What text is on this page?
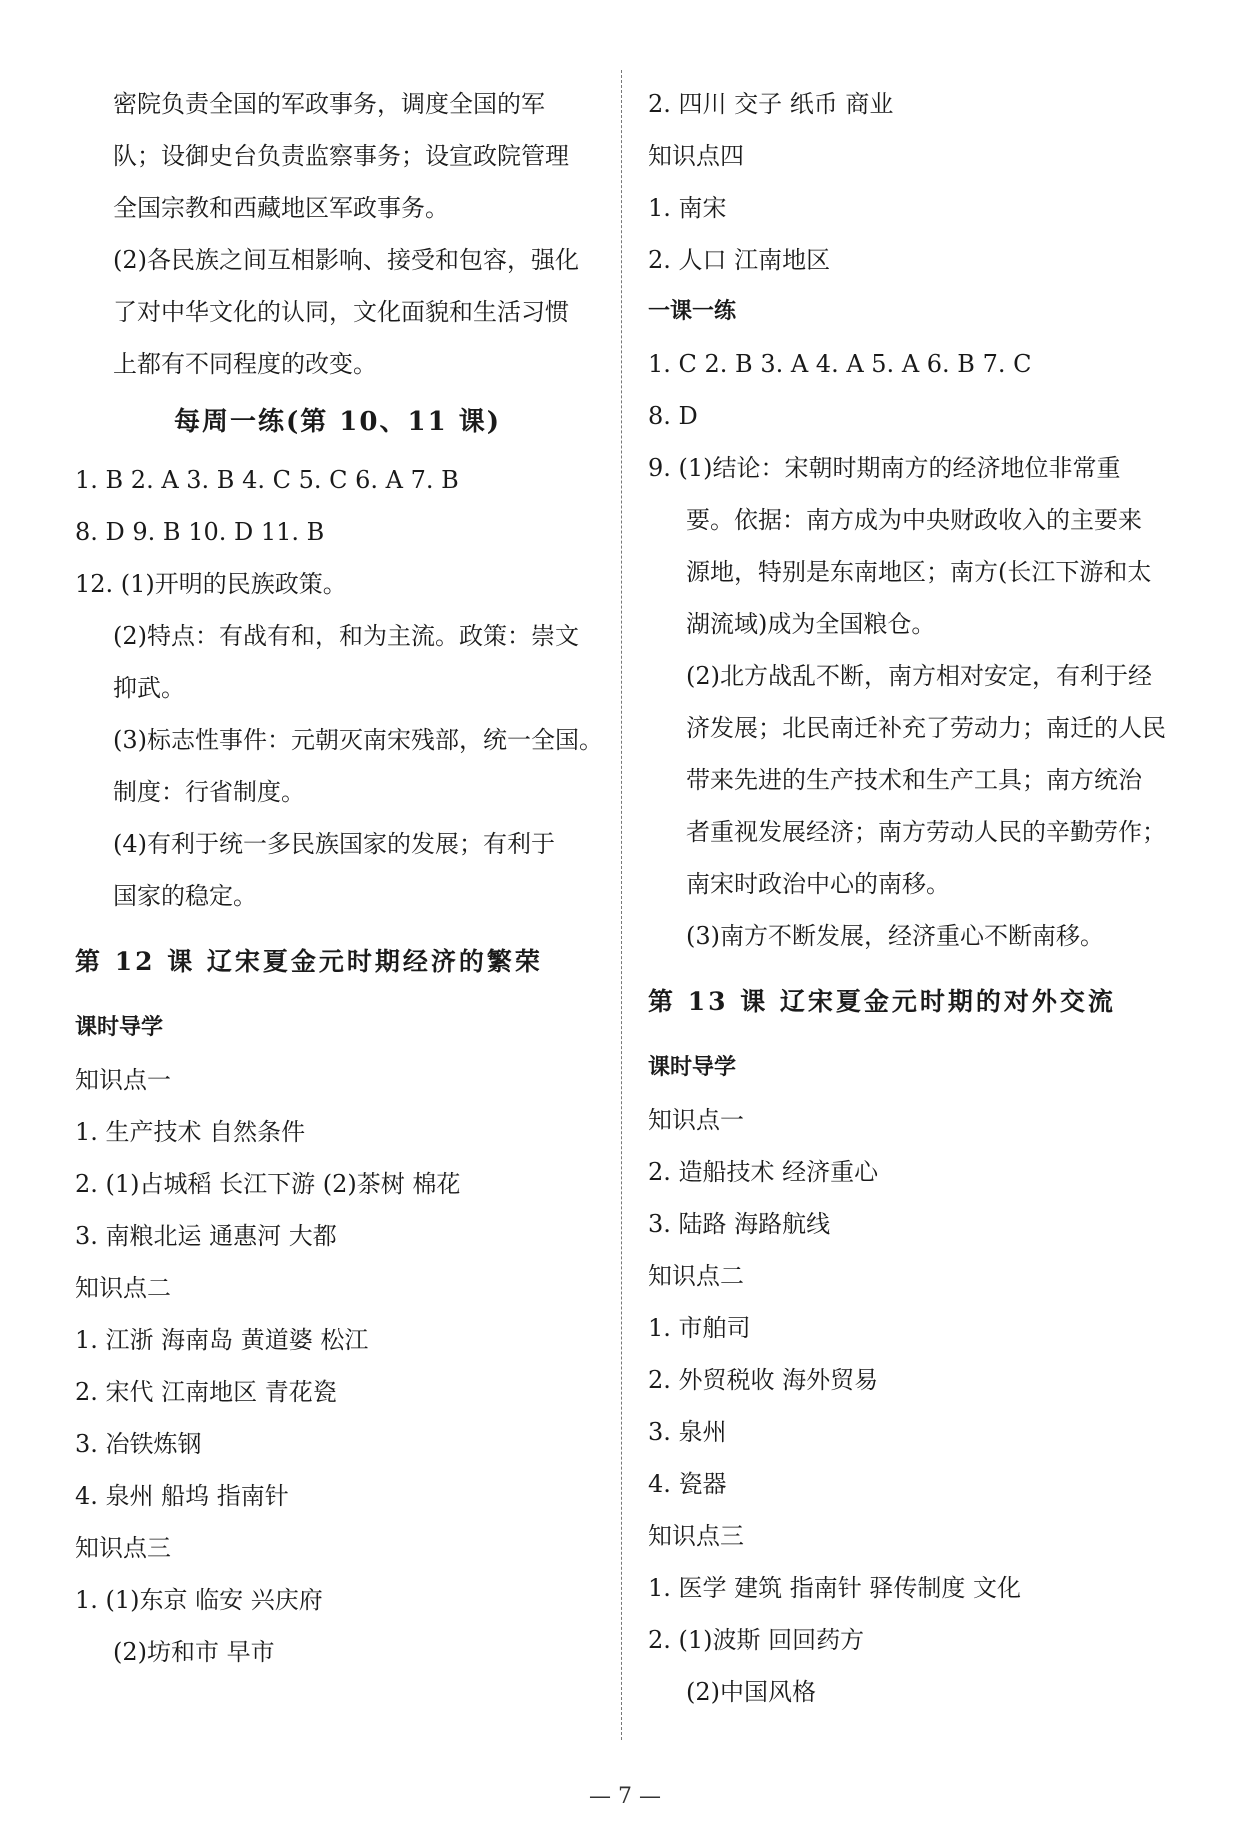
密院负责全国的军政事务，调度全国的军
队；设御史台负责监察事务；设宣政院管理
全国宗教和西藏地区军政事务。
(2)各民族之间互相影响、接受和包容，强化
了对中华文化的认同，文化面貌和生活习惯
上都有不同程度的改变。
每周一练(第 10、11 课)
1. B 2. A 3. B 4. C 5. C 6. A 7. B
8. D 9. B 10. D 11. B
12. (1)开明的民族政策。
(2)特点：有战有和，和为主流。政策：崇文
抑武。
(3)标志性事件：元朝灭南宋残部，统一全国。
制度：行省制度。
(4)有利于统一多民族国家的发展；有利于
国家的稳定。
第 12 课 辽宋夏金元时期经济的繁荣
课时导学
知识点一
1. 生产技术 自然条件
2. (1)占城稻 长江下游 (2)茶树 棉花
3. 南粮北运 通惠河 大都
知识点二
1. 江浙 海南岛 黄道婆 松江
2. 宋代 江南地区 青花瓷
3. 冶铁炼钢
4. 泉州 船坞 指南针
知识点三
1. (1)东京 临安 兴庆府
(2)坊和市 早市
2. 四川 交子 纸币 商业
知识点四
1. 南宋
2. 人口 江南地区
一课一练
1. C 2. B 3. A 4. A 5. A 6. B 7. C
8. D
9. (1)结论：宋朝时期南方的经济地位非常重
要。依据：南方成为中央财政收入的主要来
源地，特别是东南地区；南方(长江下游和太
湖流域)成为全国粮仓。
(2)北方战乱不断，南方相对安定，有利于经
济发展；北民南迁补充了劳动力；南迁的人民
带来先进的生产技术和生产工具；南方统治
者重视发展经济；南方劳动人民的辛勤劳作；
南宋时政治中心的南移。
(3)南方不断发展，经济重心不断南移。
第 13 课 辽宋夏金元时期的对外交流
课时导学
知识点一
2. 造船技术 经济重心
3. 陆路 海路航线
知识点二
1. 市舶司
2. 外贸税收 海外贸易
3. 泉州
4. 瓷器
知识点三
1. 医学 建筑 指南针 驿传制度 文化
2. (1)波斯 回回药方
(2)中国风格
— 7 —
